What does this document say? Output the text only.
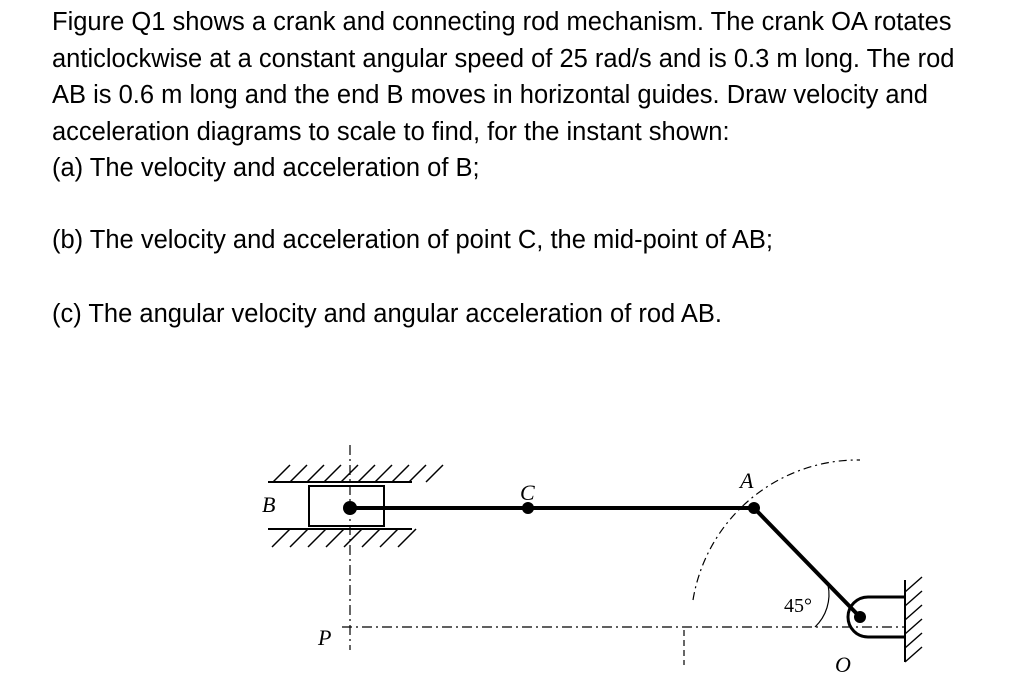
Figure Q1 shows a crank and connecting rod mechanism. The crank OA rotates

anticlockwise at a constant angular speed of 25 rad/s and is 0.3 m long. The rod

AB is 0.6 m long and the end B moves in horizontal guides. Draw velocity and

acceleration diagrams to scale to find, for the instant shown:

(a) The velocity and acceleration of B;

(b) The velocity and acceleration of point C, the mid-point of AB;
(c) The angular velocity and angular acceleration of rod AB.
B	C	A
P
O
45°
